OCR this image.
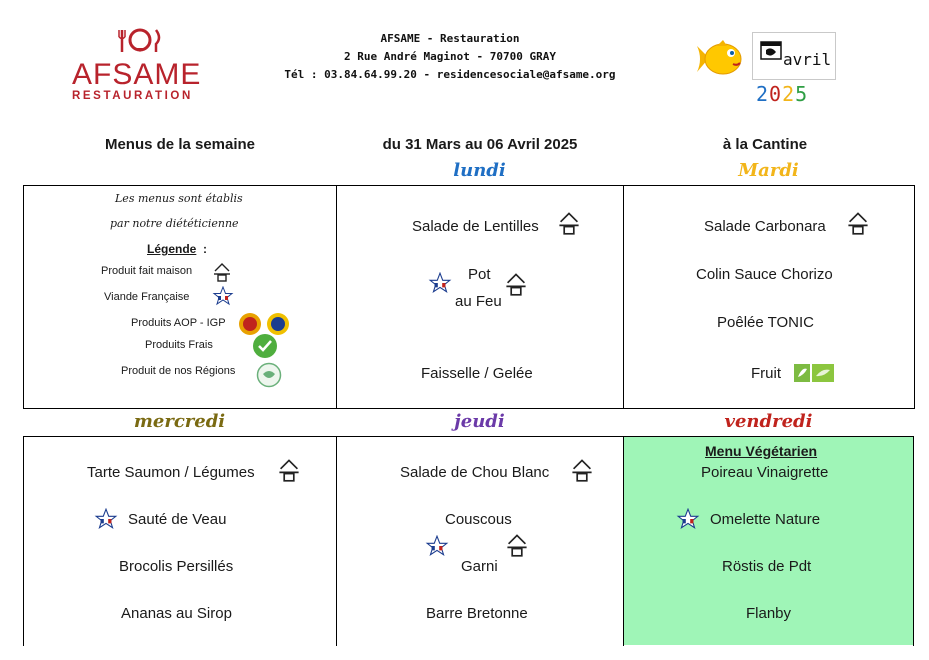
AFSAME
RESTAURATION
AFSAME - Restauration
2 Rue André Maginot - 70700 GRAY
Tél : 03.84.64.99.20 - residencesociale@afsame.org
avril
2025
Menus de la semaine	du 31 Mars au 06 Avril 2025	à la Cantine
lundi	Mardi
Les menus sont établis
par notre diététicienne
Légende :
Produit fait maison
Viande Française
Produits AOP - IGP
Produits Frais
Produit de nos Régions
Salade de Lentilles
Pot
au Feu
Faisselle / Gelée
Salade Carbonara
Colin Sauce Chorizo
Poêlée TONIC
Fruit
mercredi	jeudi	vendredi
Tarte Saumon / Légumes
Sauté de Veau
Brocolis Persillés
Ananas au Sirop
Salade de Chou Blanc
Couscous
Garni
Barre Bretonne
Menu Végétarien
Poireau Vinaigrette
Omelette Nature
Röstis de Pdt
Flanby
